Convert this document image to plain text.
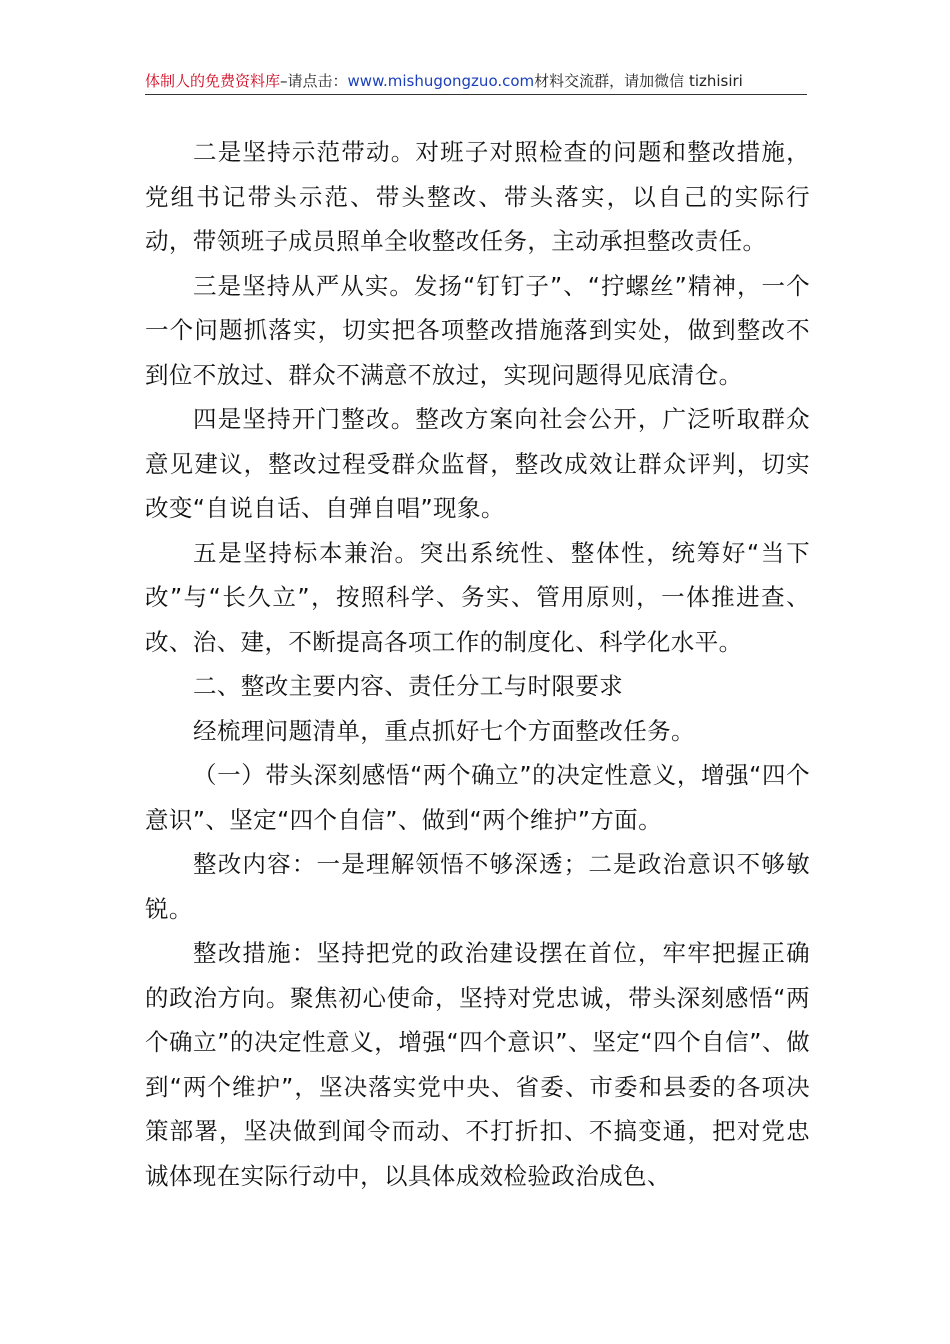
体制人的免费资料库–请点击：www.mishugongzuo.com材料交流群，请加微信 tizhisiri

二是坚持示范带动。对班子对照检查的问题和整改措施，党组书记带头示范、带头整改、带头落实，以自己的实际行动，带领班子成员照单全收整改任务，主动承担整改责任。

三是坚持从严从实。发扬“钉钉子”、“拧螺丝”精神，一个一个问题抓落实，切实把各项整改措施落到实处，做到整改不到位不放过、群众不满意不放过，实现问题得见底清仓。

四是坚持开门整改。整改方案向社会公开，广泛听取群众意见建议，整改过程受群众监督，整改成效让群众评判，切实改变“自说自话、自弹自唱”现象。

五是坚持标本兼治。突出系统性、整体性，统筹好“当下改”与“长久立”，按照科学、务实、管用原则，一体推进查、改、治、建，不断提高各项工作的制度化、科学化水平。

二、整改主要内容、责任分工与时限要求

经梳理问题清单，重点抓好七个方面整改任务。

（一）带头深刻感悟“两个确立”的决定性意义，增强“四个意识”、坚定“四个自信”、做到“两个维护”方面。

整改内容：一是理解领悟不够深透；二是政治意识不够敏锐。

整改措施：坚持把党的政治建设摆在首位，牢牢把握正确的政治方向。聚焦初心使命，坚持对党忠诚，带头深刻感悟“两个确立”的决定性意义，增强“四个意识”、坚定“四个自信”、做到“两个维护”，坚决落实党中央、省委、市委和县委的各项决策部署，坚决做到闻令而动、不打折扣、不搞变通，把对党忠诚体现在实际行动中，以具体成效检验政治成色、
